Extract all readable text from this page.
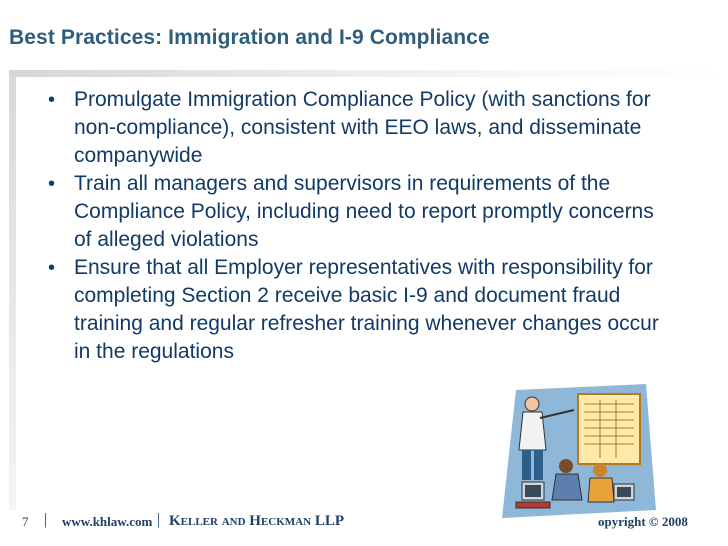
Best Practices: Immigration and I-9 Compliance
• Promulgate Immigration Compliance Policy (with sanctions for non-compliance), consistent with EEO laws, and disseminate companywide
• Train all managers and supervisors in requirements of the Compliance Policy, including need to report promptly concerns of alleged violations
• Ensure that all Employer representatives with responsibility for completing Section 2 receive basic I-9 and document fraud training and regular refresher training whenever changes occur in the regulations
7 | www.khlaw.com | Keller and Heckman LLP	opyright © 2008
